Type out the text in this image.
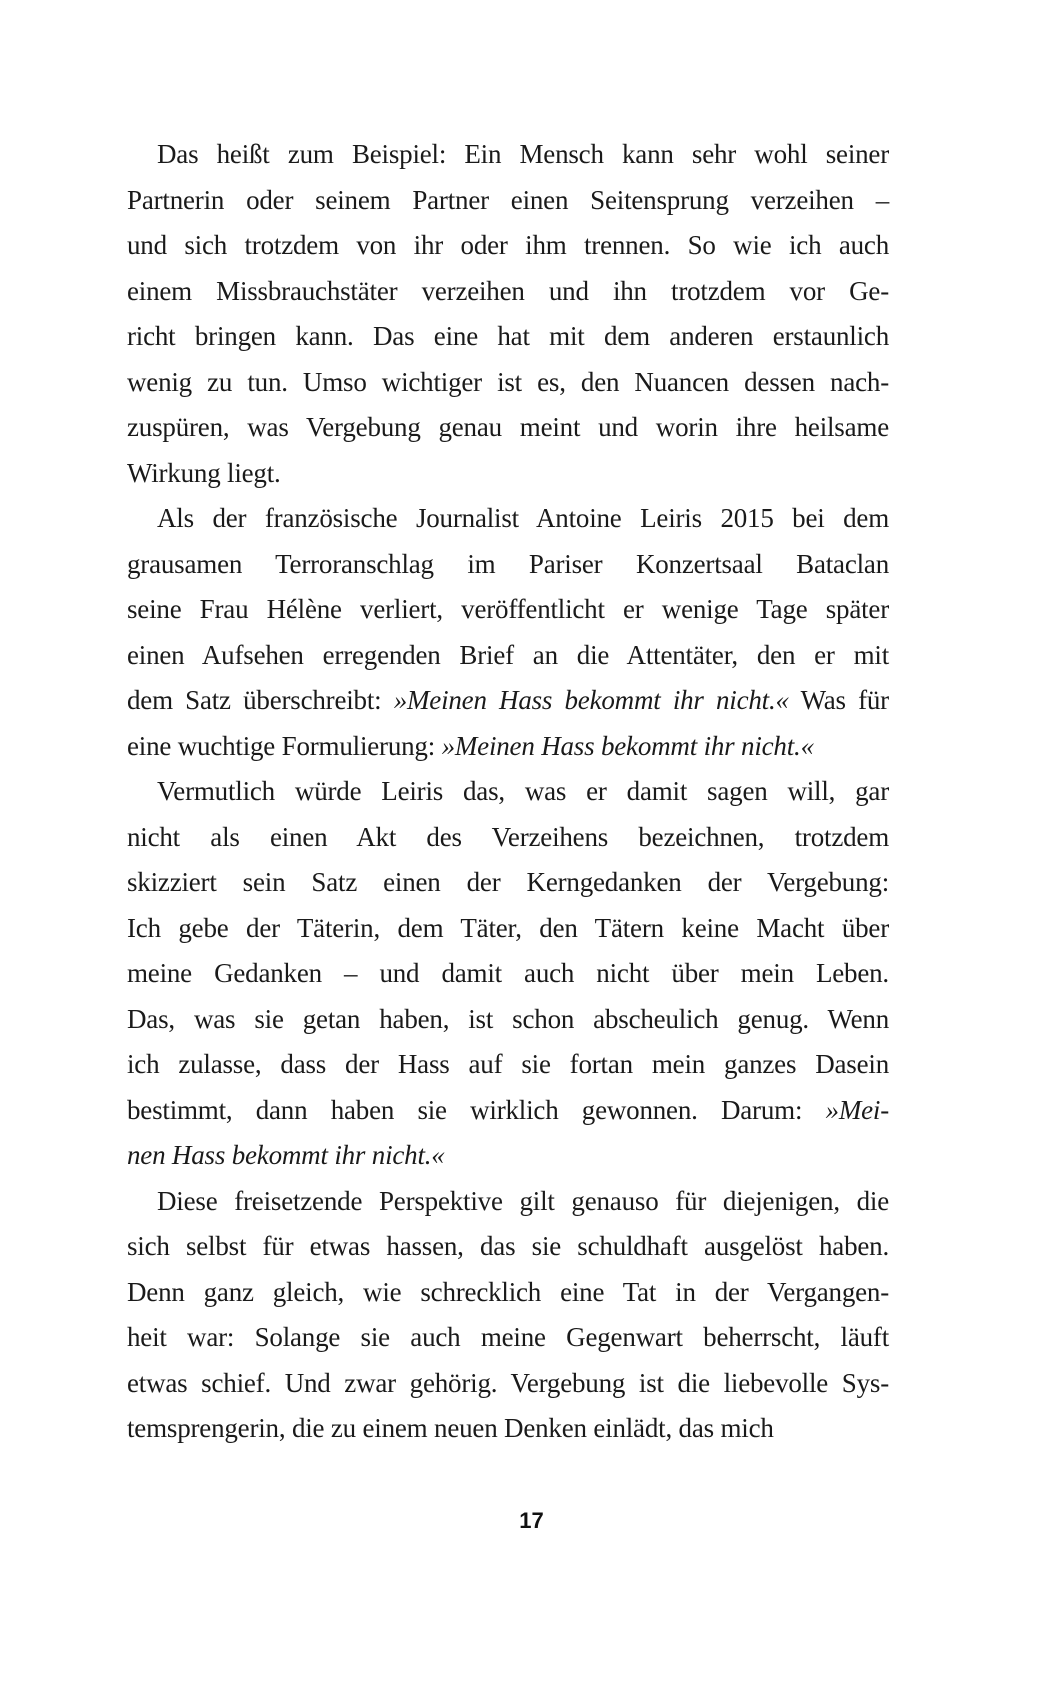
Das heißt zum Beispiel: Ein Mensch kann sehr wohl seiner
Partnerin oder seinem Partner einen Seitensprung verzeihen –
und sich trotzdem von ihr oder ihm trennen. So wie ich auch
einem Missbrauchstäter verzeihen und ihn trotzdem vor Ge-
richt bringen kann. Das eine hat mit dem anderen erstaunlich
wenig zu tun. Umso wichtiger ist es, den Nuancen dessen nach-
zuspüren, was Vergebung genau meint und worin ihre heilsame
Wirkung liegt.
Als der französische Journalist Antoine Leiris 2015 bei dem
grausamen Terroranschlag im Pariser Konzertsaal Bataclan
seine Frau Hélène verliert, veröffentlicht er wenige Tage später
einen Aufsehen erregenden Brief an die Attentäter, den er mit
dem Satz überschreibt: »Meinen Hass bekommt ihr nicht.« Was für
eine wuchtige Formulierung: »Meinen Hass bekommt ihr nicht.«
Vermutlich würde Leiris das, was er damit sagen will, gar
nicht als einen Akt des Verzeihens bezeichnen, trotzdem
skizziert sein Satz einen der Kerngedanken der Vergebung:
Ich gebe der Täterin, dem Täter, den Tätern keine Macht über
meine Gedanken – und damit auch nicht über mein Leben.
Das, was sie getan haben, ist schon abscheulich genug. Wenn
ich zulasse, dass der Hass auf sie fortan mein ganzes Dasein
bestimmt, dann haben sie wirklich gewonnen. Darum: »Mei-
nen Hass bekommt ihr nicht.«
Diese freisetzende Perspektive gilt genauso für diejenigen, die
sich selbst für etwas hassen, das sie schuldhaft ausgelöst haben.
Denn ganz gleich, wie schrecklich eine Tat in der Vergangen-
heit war: Solange sie auch meine Gegenwart beherrscht, läuft
etwas schief. Und zwar gehörig. Vergebung ist die liebevolle Sys-
temsprengerin, die zu einem neuen Denken einlädt, das mich
17
